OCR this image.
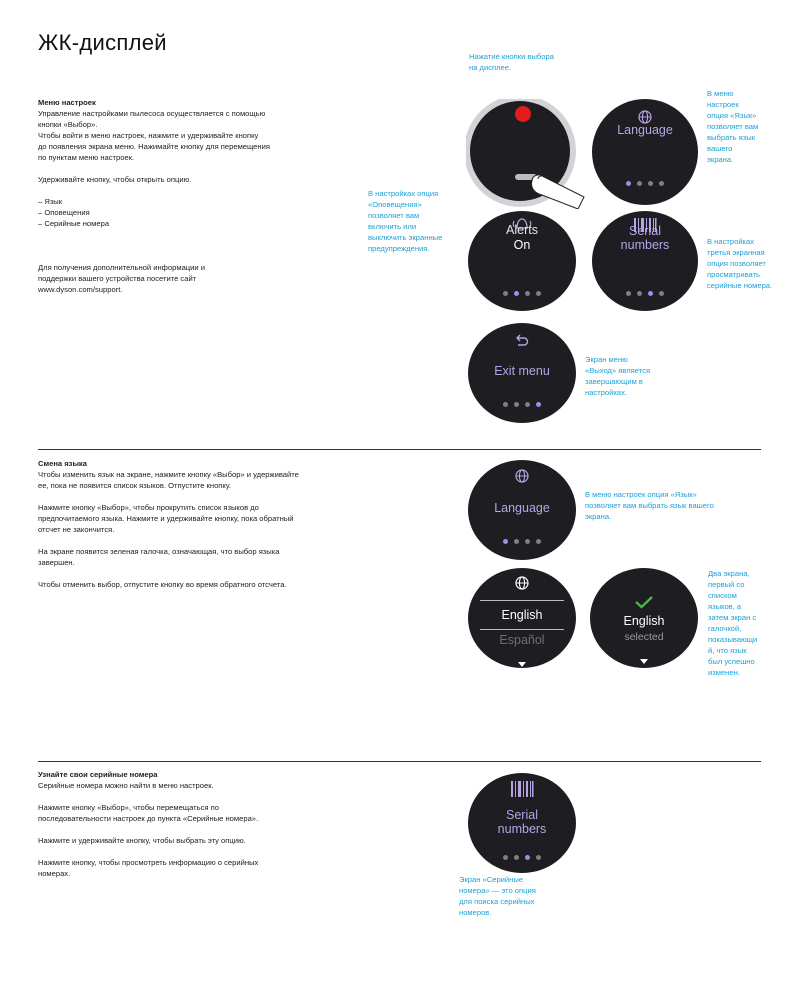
ЖК-дисплей

Меню настроек

Управление настройками пылесоса осуществляется с помощью
кнопки «Выбор».

Чтобы войти в меню настроек, нажмите и удерживайте кнопку
до появления экрана меню. Нажимайте кнопку для перемещения
по пунктам меню настроек.

Удерживайте кнопку, чтобы открыть опцию.

– Язык

– Оповещения

– Серийные номера

Для получения дополнительной информации и
поддержки вашего устройства посетите сайт
www.dyson.com/support.

Нажатие кнопки выбора
на дисплее.
Language
В меню
настроек
опция «Язык»
позволяет вам
выбрать язык
вашего
экрана.
В настройках опция
«Оповещения»
позволяет вам
включить или
выключить экранные
предупреждения.
Alerts
On
Serial
numbers	В настройках
третья экранная
опция позволяет
просматривать
серийные номера.
Exit menu
Экран меню
«Выход» является
завершающим в
настройках.

Смена языка

Чтобы изменить язык на экране, нажмите кнопку «Выбор» и удерживайте
ее, пока не появится список языков. Отпустите кнопку.

Нажмите кнопку «Выбор», чтобы прокрутить список языков до
предпочитаемого языка. Нажмите и удерживайте кнопку, пока обратный
отсчет не закончится.

На экране появится зеленая галочка, означающая, что выбор языка
завершен.

Чтобы отменить выбор, отпустите кнопку во время обратного отсчета.

Language
В меню настроек опция «Язык»
позволяет вам выбрать язык вашего
экрана.
English
Español
English
selected
Два экрана,
первый со
списком
языков, а
затем экран с
галочкой,
показывающи
й, что язык
был успешно
изменен.

Узнайте свои серийные номера

Серийные номера можно найти в меню настроек.

Нажмите кнопку «Выбор», чтобы перемещаться по
последовательности настроек до пункта «Серийные номера».

Нажмите и удерживайте кнопку, чтобы выбрать эту опцию.

Нажмите кнопку, чтобы просмотреть информацию о серийных
номерах.

Serial
numbers
Экран «Серийные
номера» — это опция
для поиска серийных
номеров.
